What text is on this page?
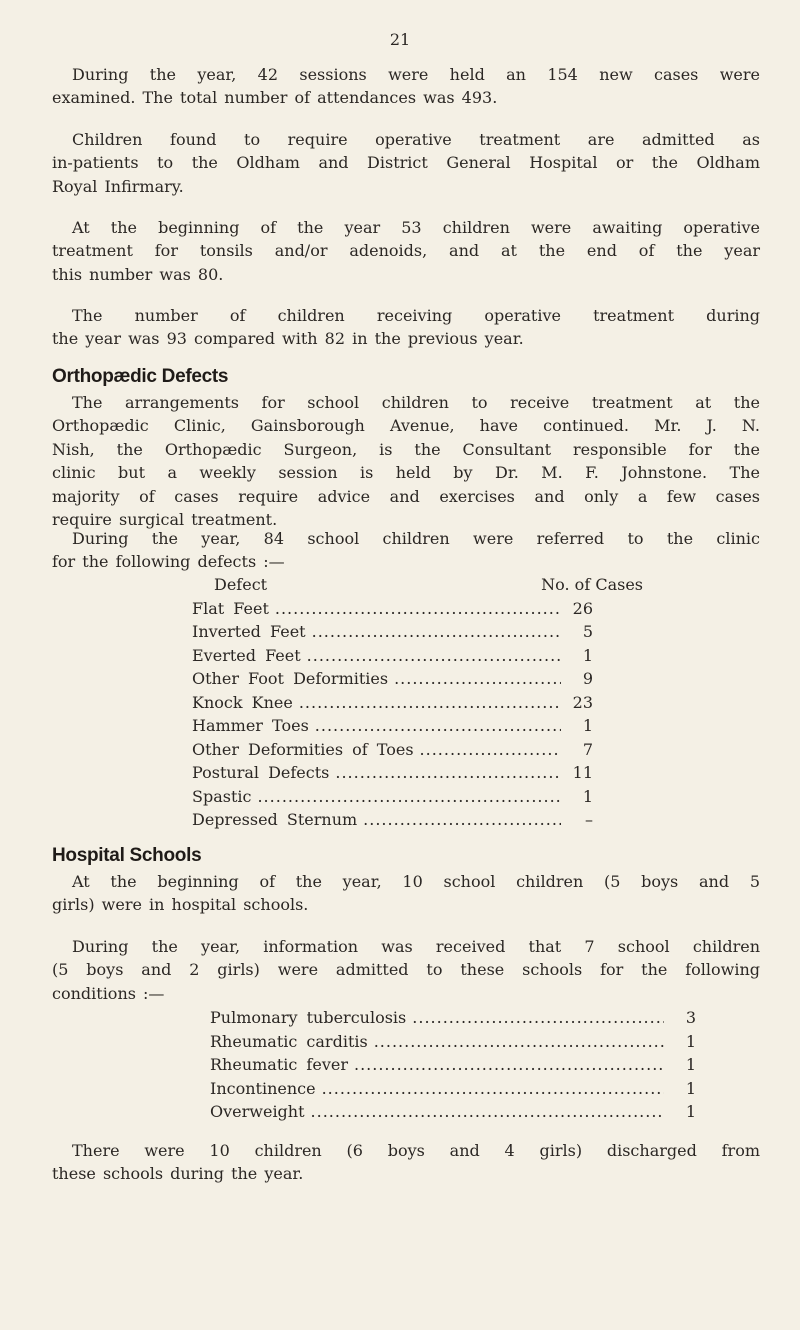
21
During the year, 42 sessions were held an 154 new cases were
examined. The total number of attendances was 493.
Children found to require operative treatment are admitted as
in-patients to the Oldham and District General Hospital or the Oldham
Royal Infirmary.
At the beginning of the year 53 children were awaiting operative
treatment for tonsils and/or adenoids, and at the end of the year
this number was 80.
The number of children receiving operative treatment during
the year was 93 compared with 82 in the previous year.
Orthopædic Defects
The arrangements for school children to receive treatment at the
Orthopædic Clinic, Gainsborough Avenue, have continued. Mr. J. N.
Nish, the Orthopædic Surgeon, is the Consultant responsible for the
clinic but a weekly session is held by Dr. M. F. Johnstone. The
majority of cases require advice and exercises and only a few cases
require surgical treatment.
During the year, 84 school children were referred to the clinic
for the following defects :—
Defect	No. of Cases
Flat Feet .....	26
Inverted Feet .....	5
Everted Feet .....	1
Other Foot Deformities .....	9
Knock Knee .....	23
Hammer Toes .....	1
Other Deformities of Toes .....	7
Postural Defects .....	11
Spastic .....	1
Depressed Sternum .....	–
Hospital Schools
At the beginning of the year, 10 school children (5 boys and 5
girls) were in hospital schools.
During the year, information was received that 7 school children
(5 boys and 2 girls) were admitted to these schools for the following
conditions :—
Pulmonary tuberculosis .....	3
Rheumatic carditis .....	1
Rheumatic fever .....	1
Incontinence .....	1
Overweight .....	1
There were 10 children (6 boys and 4 girls) discharged from
these schools during the year.
